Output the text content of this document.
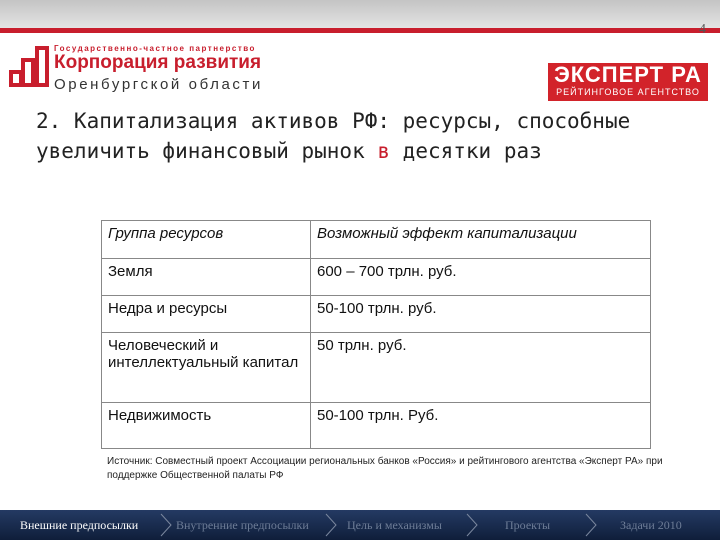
4
Государственно-частное партнерство
Корпорация развития
Оренбургской области	ЭКСПЕРТ РА
РЕЙТИНГОВОЕ АГЕНТСТВО
2. Капитализация активов РФ: ресурсы, способные увеличить финансовый рынок в десятки раз
Группа ресурсов	Возможный эффект капитализации
Земля	600 – 700 трлн. руб.
Недра и ресурсы	50-100 трлн. руб.
Человеческий и интеллектуальный капитал	50 трлн. руб.
Недвижимость	50-100 трлн. Руб.
Источник: Совместный проект Ассоциации региональных банков «Россия» и рейтингового агентства «Эксперт РА» при поддержке Общественной палаты РФ
Внешние предпосылки	Внутренние предпосылки	Цель и механизмы	Проекты	Задачи 2010
